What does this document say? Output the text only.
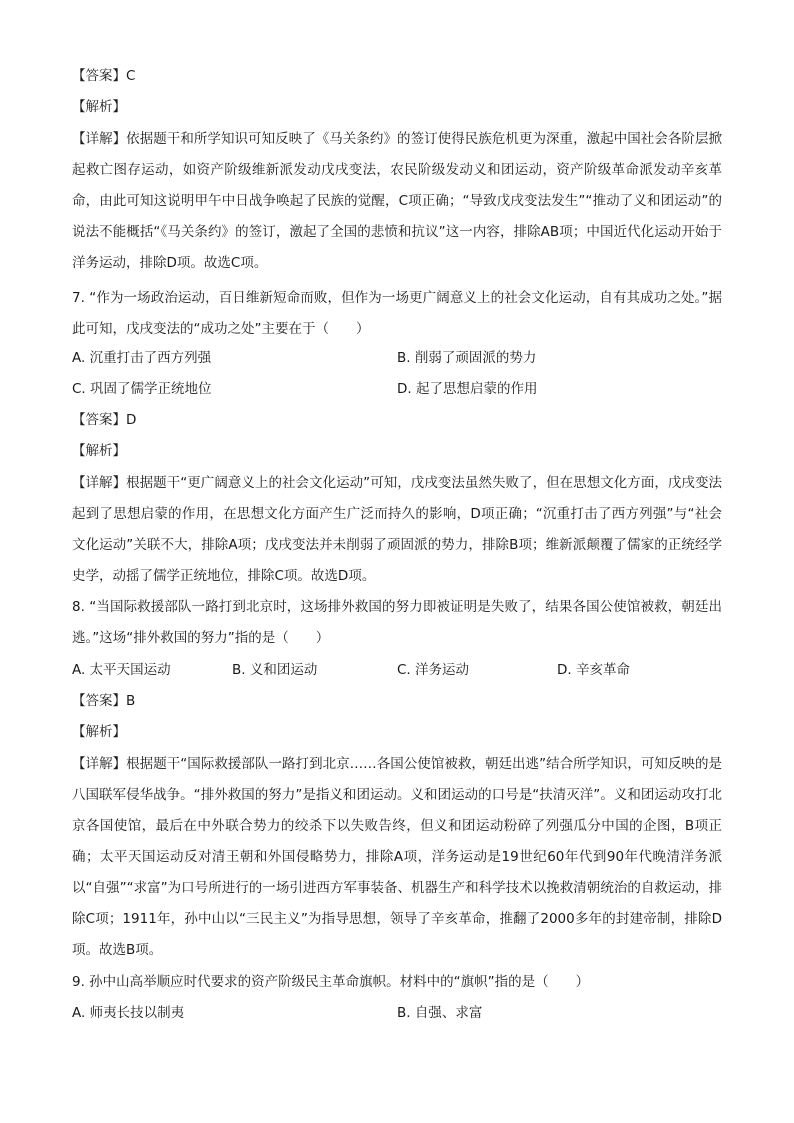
【答案】C
【解析】
【详解】依据题干和所学知识可知反映了《马关条约》的签订使得民族危机更为深重，激起中国社会各阶层掀起救亡图存运动，如资产阶级维新派发动戊戌变法，农民阶级发动义和团运动，资产阶级革命派发动辛亥革命，由此可知这说明甲午中日战争唤起了民族的觉醒，C项正确；“导致戊戌变法发生”“推动了义和团运动”的说法不能概括“《马关条约》的签订，激起了全国的悲愤和抗议”这一内容，排除AB项；中国近代化运动开始于洋务运动，排除D项。故选C项。
7. “作为一场政治运动，百日维新短命而败，但作为一场更广阔意义上的社会文化运动，自有其成功之处。”据此可知，戊戌变法的“成功之处”主要在于（　　）
A. 沉重打击了西方列强	B. 削弱了顽固派的势力
C. 巩固了儒学正统地位	D. 起了思想启蒙的作用
【答案】D
【解析】
【详解】根据题干“更广阔意义上的社会文化运动”可知，戊戌变法虽然失败了，但在思想文化方面，戊戌变法起到了思想启蒙的作用，在思想文化方面产生广泛而持久的影响，D项正确；“沉重打击了西方列强”与“社会文化运动”关联不大，排除A项；戊戌变法并未削弱了顽固派的势力，排除B项；维新派颠覆了儒家的正统经学史学，动摇了儒学正统地位，排除C项。故选D项。
8. “当国际救援部队一路打到北京时，这场排外救国的努力即被证明是失败了，结果各国公使馆被救，朝廷出逃。”这场“排外救国的努力”指的是（　　）
A. 太平天国运动	B. 义和团运动	C. 洋务运动	D. 辛亥革命
【答案】B
【解析】
【详解】根据题干“国际救援部队一路打到北京……各国公使馆被救，朝廷出逃”结合所学知识，可知反映的是八国联军侵华战争。“排外救国的努力”是指义和团运动。义和团运动的口号是“扶清灭洋”。义和团运动攻打北京各国使馆，最后在中外联合势力的绞杀下以失败告终，但义和团运动粉碎了列强瓜分中国的企图，B项正确；太平天国运动反对清王朝和外国侵略势力，排除A项，洋务运动是19世纪60年代到90年代晚清洋务派以“自强”“求富”为口号所进行的一场引进西方军事装备、机器生产和科学技术以挽救清朝统治的自救运动，排除C项；1911年，孙中山以“三民主义”为指导思想，领导了辛亥革命，推翻了2000多年的封建帝制，排除D项。故选B项。
9. 孙中山高举顺应时代要求的资产阶级民主革命旗帜。材料中的“旗帜”指的是（　　）
A. 师夷长技以制夷	B. 自强、求富
